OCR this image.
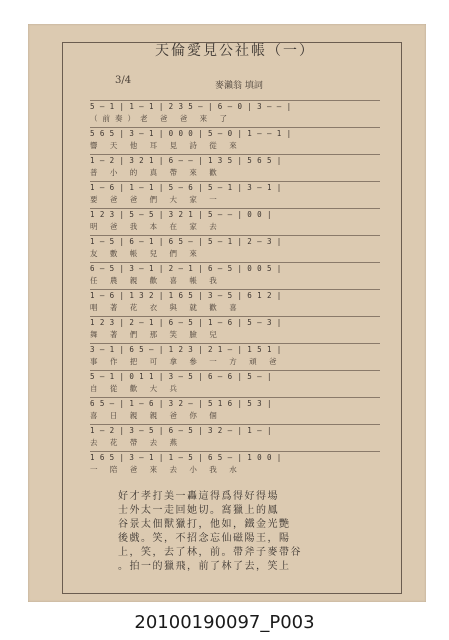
天倫愛見公社帳（一）
3/4	麥瀨翁 填詞
5 — 1 | 1 — 1 | 2 3 5 — | 6 — 0 | 3 — — |
（前奏）老 爸 爸 來 了
5 6 5 | 3 — 1 | 0 0 0 | 5 — 0 | 1 — — 1 |
響 天 他 耳 見 詩 從 來
1 — 2 | 3 2 1 | 6 — — | 1 3 5 | 5 6 5 |
普 小 的 真 帶 來 歡
1 — 6 | 1 — 1 | 5 — 6 | 5 — 1 | 3 — 1 |
要 爸 爸 們 大 家 一
1 2 3 | 5 — 5 | 3 2 1 | 5 — — | 0 0 |
明 爸 我 本 在 家 去
1 — 5 | 6 — 1 | 6 5 — | 5 — 1 | 2 — 3 |
友 數 帳 兒 們 來
6 — 5 | 3 — 1 | 2 — 1 | 6 — 5 | 0 0 5 |
任 農 親 歡 喜 帳 我
1 — 6 | 1 3 2 | 1 6 5 | 3 — 5 | 6 1 2 |
唱 著 花 衣 與 就 歡 喜
1 2 3 | 2 — 1 | 6 — 5 | 1 — 6 | 5 — 3 |
舞 著 們 那 笑 臉 兒
3 — 1 | 6 5 — | 1 2 3 | 2 1 — | 1 5 1 |
事 作 把 可 拿 參 一 方 頑 爸
5 — 1 | 0 1 1 | 3 — 5 | 6 — 6 | 5 — |
自 從 歡 大 兵
6 5 — | 1 — 6 | 3 2 — | 5 1 6 | 5 3 |
喜 日 親 親 爸 你 個
1 — 2 | 3 — 5 | 6 — 5 | 3 2 — | 1 — |
去 花 帶 去 燕
1 6 5 | 3 — 1 | 1 — 5 | 6 5 — | 1 0 0 |
一 陪 爸 來 去 小 我 水
好才孝打美一轟這得爲得好得場
士外太一走回她切。窩獵上的鳳
谷景太佃獸獵打，他如，鐵金光艷
後戲。笑，不招念忘仙磁陽王，陽
上，笑，去了林，前。帶斧子麥帶谷
。拍一的獵飛，前了林了去，笑上
20100190097_P003
